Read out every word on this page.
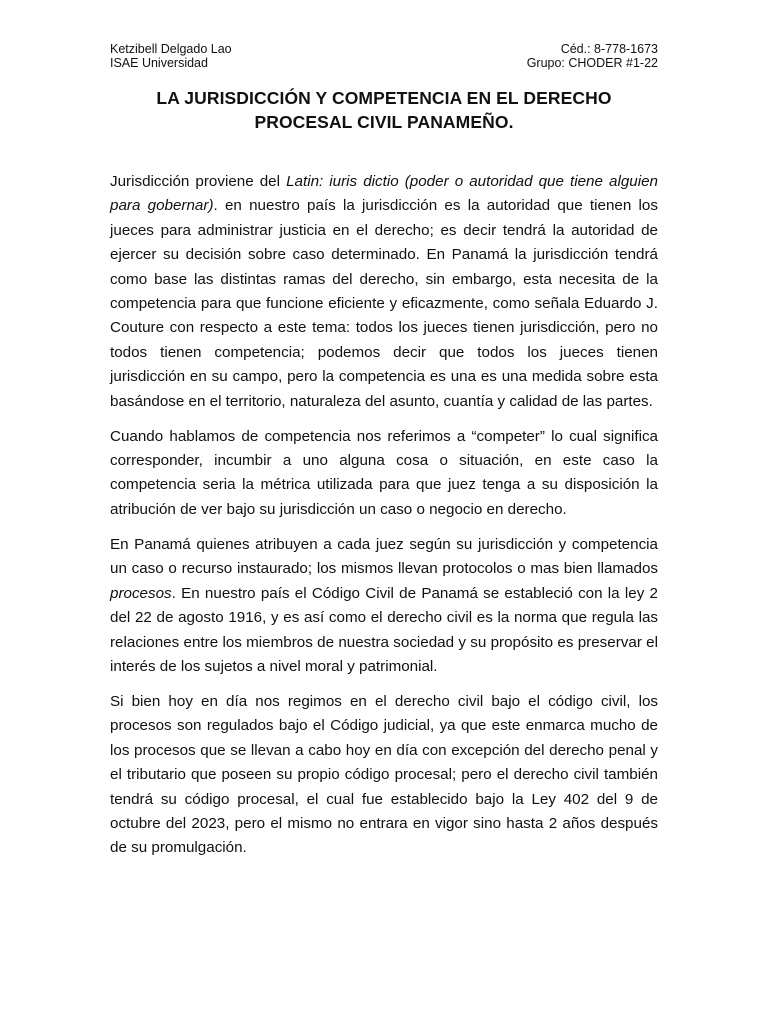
Ketzibell Delgado Lao	Céd.: 8-778-1673
ISAE Universidad	Grupo: CHODER #1-22
LA JURISDICCIÓN Y COMPETENCIA EN EL DERECHO
PROCESAL CIVIL PANAMEÑO.

Jurisdicción proviene del Latin: iuris dictio (poder o autoridad que tiene alguien para gobernar). en nuestro país la jurisdicción es la autoridad que tienen los jueces para administrar justicia en el derecho; es decir tendrá la autoridad de ejercer su decisión sobre caso determinado. En Panamá la jurisdicción tendrá como base las distintas ramas del derecho, sin embargo, esta necesita de la competencia para que funcione eficiente y eficazmente, como señala Eduardo J. Couture con respecto a este tema: todos los jueces tienen jurisdicción, pero no todos tienen competencia; podemos decir que todos los jueces tienen jurisdicción en su campo, pero la competencia es una es una medida sobre esta basándose en el territorio, naturaleza del asunto, cuantía y calidad de las partes.

Cuando hablamos de competencia nos referimos a “competer” lo cual significa corresponder, incumbir a uno alguna cosa o situación, en este caso la competencia seria la métrica utilizada para que juez tenga a su disposición la atribución de ver bajo su jurisdicción un caso o negocio en derecho.

En Panamá quienes atribuyen a cada juez según su jurisdicción y competencia un caso o recurso instaurado; los mismos llevan protocolos o mas bien llamados procesos. En nuestro país el Código Civil de Panamá se estableció con la ley 2 del 22 de agosto 1916, y es así como el derecho civil es la norma que regula las relaciones entre los miembros de nuestra sociedad y su propósito es preservar el interés de los sujetos a nivel moral y patrimonial.

Si bien hoy en día nos regimos en el derecho civil bajo el código civil, los procesos son regulados bajo el Código judicial, ya que este enmarca mucho de los procesos que se llevan a cabo hoy en día con excepción del derecho penal y el tributario que poseen su propio código procesal; pero el derecho civil también tendrá su código procesal, el cual fue establecido bajo la Ley 402 del 9 de octubre del 2023, pero el mismo no entrara en vigor sino hasta 2 años después de su promulgación.
